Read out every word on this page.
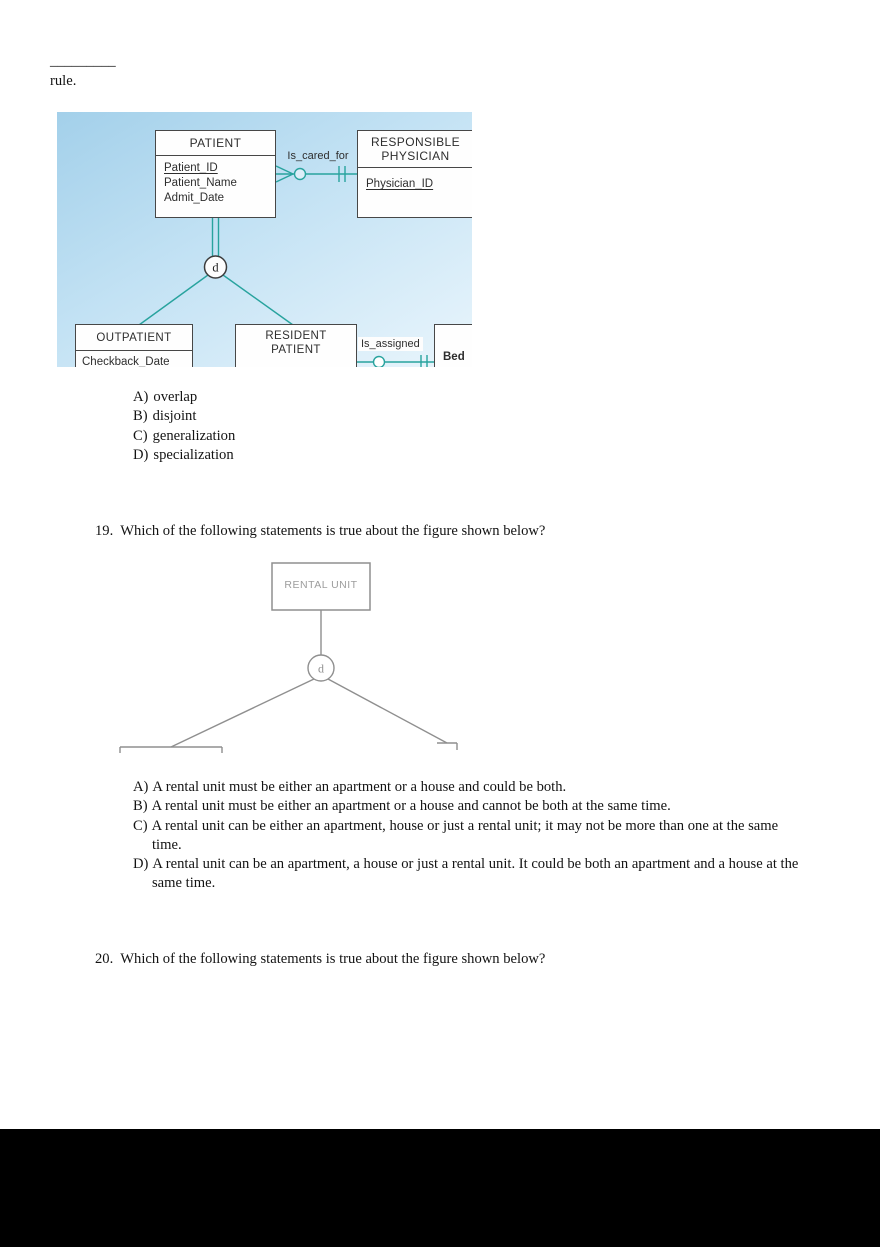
_________
rule.
d
PATIENT
Patient_ID
Patient_Name
Admit_Date
RESPONSIBLE
PHYSICIAN
Physician_ID
Is_cared_for
OUTPATIENT
Checkback_Date
RESIDENT
PATIENT	Is_assigned
Bed
A) overlap
B) disjoint
C) generalization
D) specialization
19. Which of the following statements is true about the figure shown below?
d
RENTAL UNIT
A) A rental unit must be either an apartment or a house and could be both.
B) A rental unit must be either an apartment or a house and cannot be both at the same time.
C) A rental unit can be either an apartment, house or just a rental unit; it may not be more than one at the same time.
D) A rental unit can be an apartment, a house or just a rental unit. It could be both an apartment and a house at the same time.
20. Which of the following statements is true about the figure shown below?
